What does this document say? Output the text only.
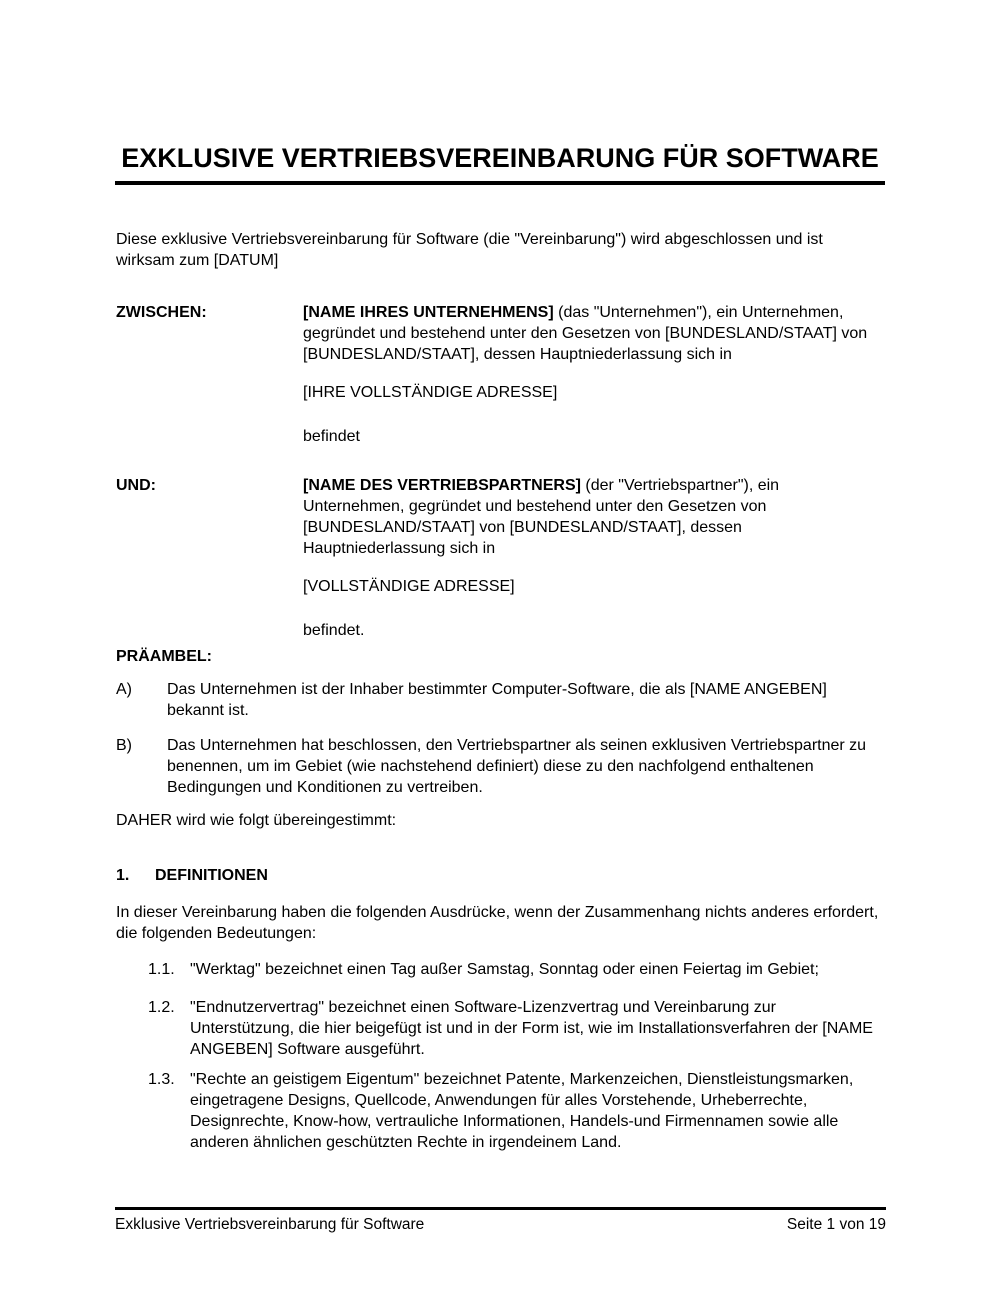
EXKLUSIVE VERTRIEBSVEREINBARUNG FÜR SOFTWARE

Diese exklusive Vertriebsvereinbarung für Software (die "Vereinbarung") wird abgeschlossen und ist wirksam zum [DATUM]

ZWISCHEN:	[NAME IHRES UNTERNEHMENS] (das "Unternehmen"), ein Unternehmen, gegründet und bestehend unter den Gesetzen von [BUNDESLAND/STAAT] von [BUNDESLAND/STAAT], dessen Hauptniederlassung sich in

[IHRE VOLLSTÄNDIGE ADRESSE]

befindet

UND:	[NAME DES VERTRIEBSPARTNERS] (der "Vertriebspartner"), ein Unternehmen, gegründet und bestehend unter den Gesetzen von [BUNDESLAND/STAAT] von [BUNDESLAND/STAAT], dessen Hauptniederlassung sich in

[VOLLSTÄNDIGE ADRESSE]

befindet.

PRÄAMBEL:
A)	Das Unternehmen ist der Inhaber bestimmter Computer-Software, die als [NAME ANGEBEN] bekannt ist.
B)	Das Unternehmen hat beschlossen, den Vertriebspartner als seinen exklusiven Vertriebspartner zu benennen, um im Gebiet (wie nachstehend definiert) diese zu den nachfolgend enthaltenen Bedingungen und Konditionen zu vertreiben.

DAHER wird wie folgt übereingestimmt:

1.	DEFINITIONEN

In dieser Vereinbarung haben die folgenden Ausdrücke, wenn der Zusammenhang nichts anderes erfordert, die folgenden Bedeutungen:

1.1. "Werktag" bezeichnet einen Tag außer Samstag, Sonntag oder einen Feiertag im Gebiet;
1.2. "Endnutzervertrag" bezeichnet einen Software-Lizenzvertrag und Vereinbarung zur Unterstützung, die hier beigefügt ist und in der Form ist, wie im Installationsverfahren der [NAME ANGEBEN] Software ausgeführt.
1.3. "Rechte an geistigem Eigentum" bezeichnet Patente, Markenzeichen, Dienstleistungsmarken, eingetragene Designs, Quellcode, Anwendungen für alles Vorstehende, Urheberrechte, Designrechte, Know-how, vertrauliche Informationen, Handels-und Firmennamen sowie alle anderen ähnlichen geschützten Rechte in irgendeinem Land.
Exklusive Vertriebsvereinbarung für Software	Seite 1 von 19
